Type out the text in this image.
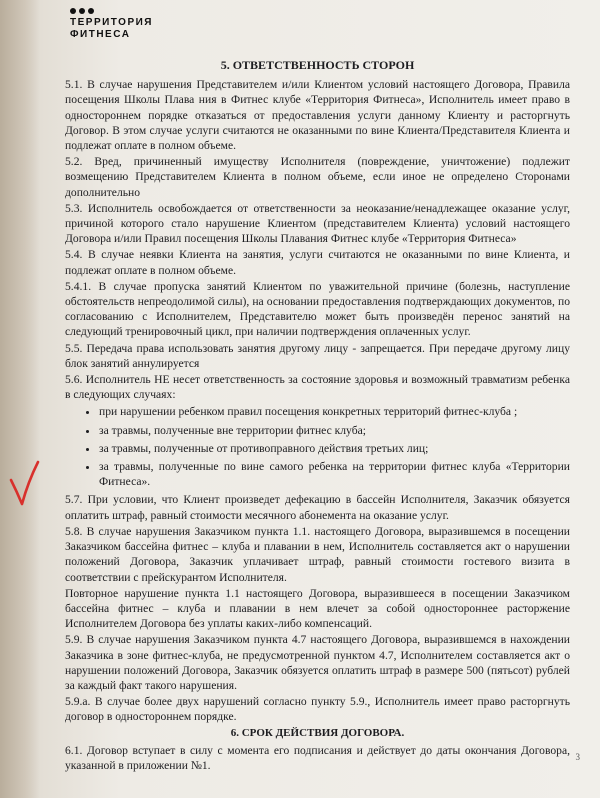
ТЕРРИТОРИЯ
ФИТНЕСА
5. ОТВЕТСТВЕННОСТЬ СТОРОН

5.1. В случае нарушения Представителем и/или Клиентом условий настоящего Договора, Правила посещения Школы Плава ния в Фитнес клубе «Территория Фитнеса», Исполнитель имеет право в одностороннем порядке отказаться от предоставления услуги данному Клиенту и расторгнуть Договор. В этом случае услуги считаются не оказанными по вине Клиента/Представителя Клиента и подлежат оплате в полном объеме.

5.2. Вред, причиненный имуществу Исполнителя (повреждение, уничтожение) подлежит возмещению Представителем Клиента в полном объеме, если иное не определено Сторонами дополнительно

5.3. Исполнитель освобождается от ответственности за неоказание/ненадлежащее оказание услуг, причиной которого стало нарушение Клиентом (представителем Клиента) условий настоящего Договора и/или Правил посещения Школы Плавания Фитнес клубе «Территория Фитнеса»

5.4. В случае неявки Клиента на занятия, услуги считаются не оказанными по вине Клиента, и подлежат оплате в полном объеме.

5.4.1. В случае пропуска занятий Клиентом по уважительной причине (болезнь, наступление обстоятельств непреодолимой силы), на основании предоставления подтверждающих документов, по согласованию с Исполнителем, Представителю может быть произведён перенос занятий на следующий тренировочный цикл, при наличии подтверждения оплаченных услуг.

5.5. Передача права использовать занятия другому лицу - запрещается. При передаче другому лицу блок занятий аннулируется

5.6. Исполнитель НЕ несет ответственность за состояние здоровья и возможный травматизм ребенка в следующих случаях:

• при нарушении ребенком правил посещения конкретных территорий фитнес-клуба ;
• за травмы, полученные вне территории фитнес клуба;
• за травмы, полученные от противоправного действия третьих лиц;
• за травмы, полученные по вине самого ребенка на территории фитнес клуба «Территории Фитнеса».

5.7. При условии, что Клиент произведет дефекацию в бассейн Исполнителя, Заказчик обязуется оплатить штраф, равный стоимости месячного абонемента на оказание услуг.

5.8. В случае нарушения Заказчиком пункта 1.1. настоящего Договора, выразившемся в посещении Заказчиком бассейна фитнес – клуба и плавании в нем, Исполнитель составляется акт о нарушении положений Договора, Заказчик уплачивает штраф, равный стоимости гостевого визита в соответствии с прейскурантом Исполнителя.

Повторное нарушение пункта 1.1 настоящего Договора, выразившееся в посещении Заказчиком бассейна фитнес – клуба и плавании в нем влечет за собой одностороннее расторжение Исполнителем Договора без уплаты каких-либо компенсаций.

5.9. В случае нарушения Заказчиком пункта 4.7 настоящего Договора, выразившемся в нахождении Заказчика в зоне фитнес-клуба, не предусмотренной пунктом 4.7, Исполнителем составляется акт о нарушении положений Договора, Заказчик обязуется оплатить штраф в размере 500 (пятьсот) рублей за каждый факт такого нарушения.

5.9.а. В случае более двух нарушений согласно пункту 5.9., Исполнитель имеет право расторгнуть договор в одностороннем порядке.

6. СРОК ДЕЙСТВИЯ ДОГОВОРА.

6.1. Договор вступает в силу с момента его подписания и действует до даты окончания Договора, указанной в приложении №1.

3
